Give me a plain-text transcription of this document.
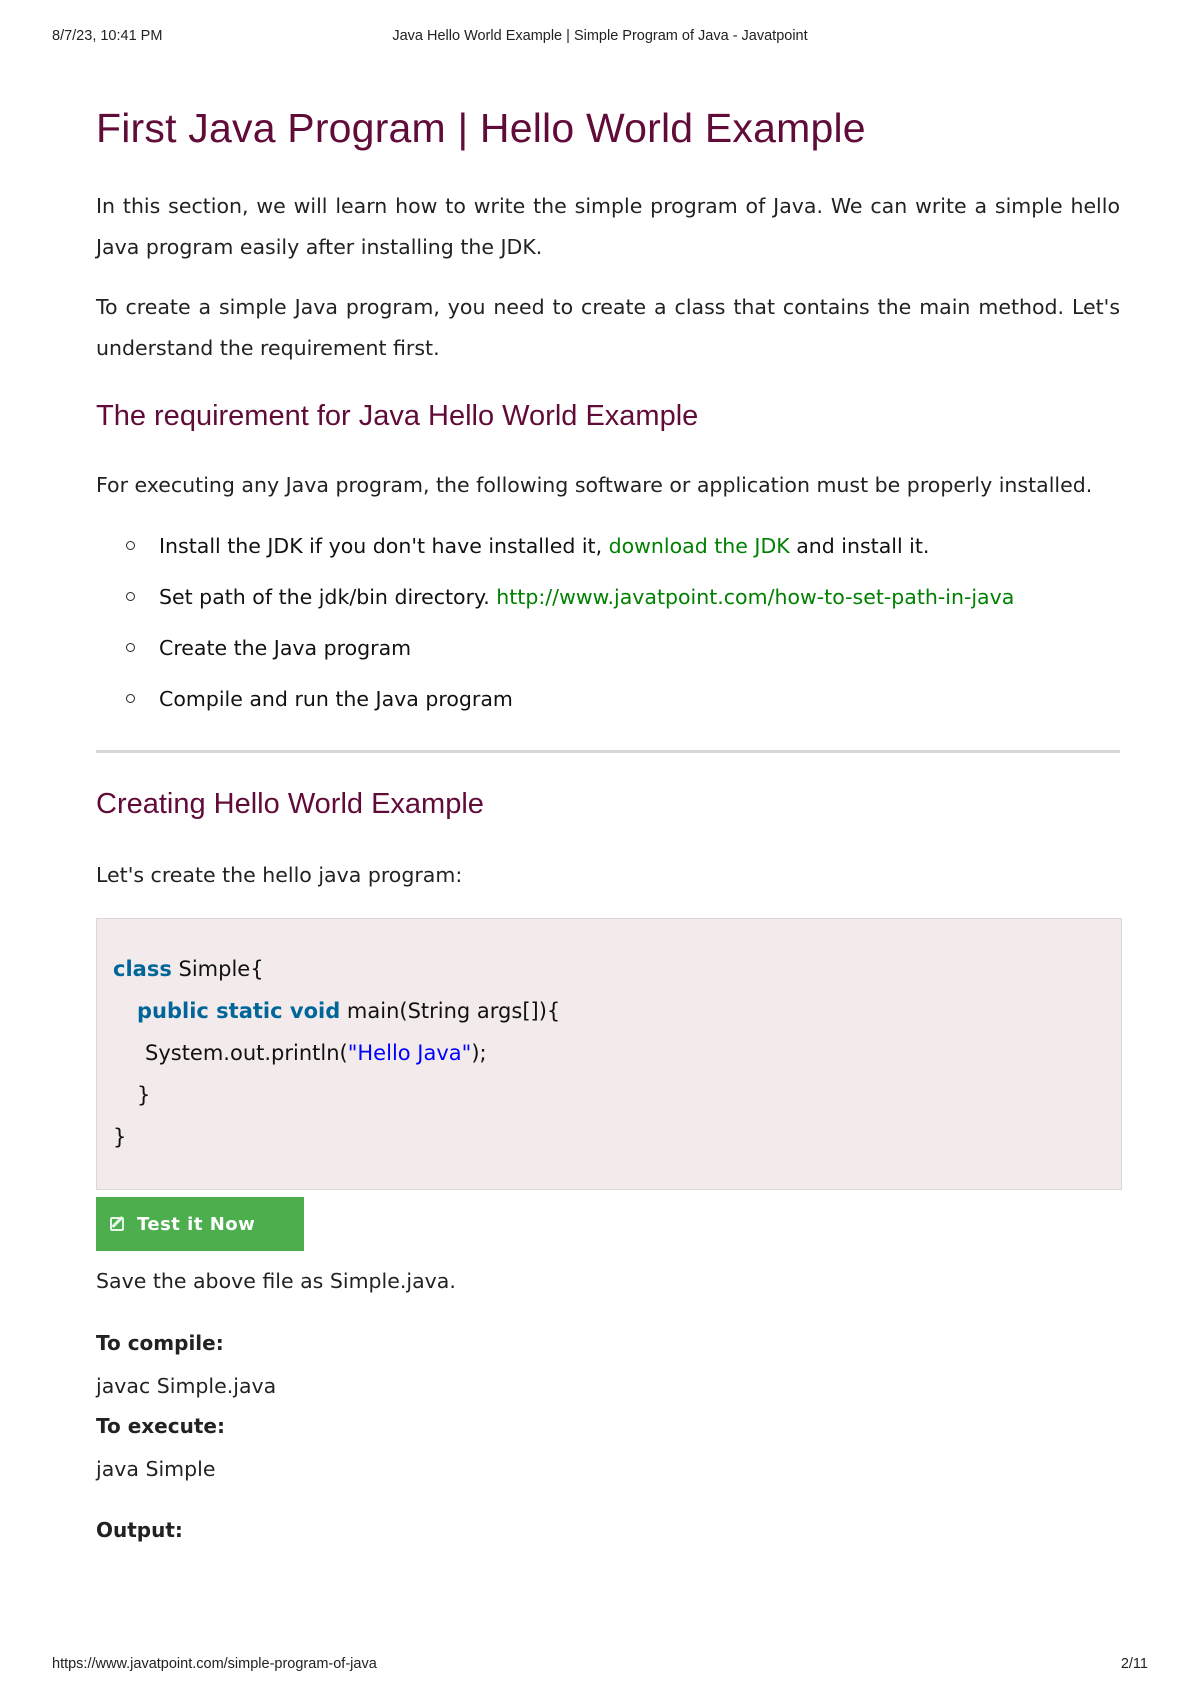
8/7/23, 10:41 PM	Java Hello World Example | Simple Program of Java - Javatpoint
First Java Program | Hello World Example

In this section, we will learn how to write the simple program of Java. We can write a simple hello Java program easily after installing the JDK.

To create a simple Java program, you need to create a class that contains the main method. Let's understand the requirement first.

The requirement for Java Hello World Example

For executing any Java program, the following software or application must be properly installed.

Install the JDK if you don't have installed it, download the JDK and install it.
Set path of the jdk/bin directory. http://www.javatpoint.com/how-to-set-path-in-java
Create the Java program
Compile and run the Java program
Creating Hello World Example

Let's create the hello java program:

class Simple{
public static void main(String args[]){
System.out.println("Hello Java");
}
}
Test it Now

Save the above file as Simple.java.

To compile:
javac Simple.java
To execute:
java Simple
Output:
https://www.javatpoint.com/simple-program-of-java	2/11
